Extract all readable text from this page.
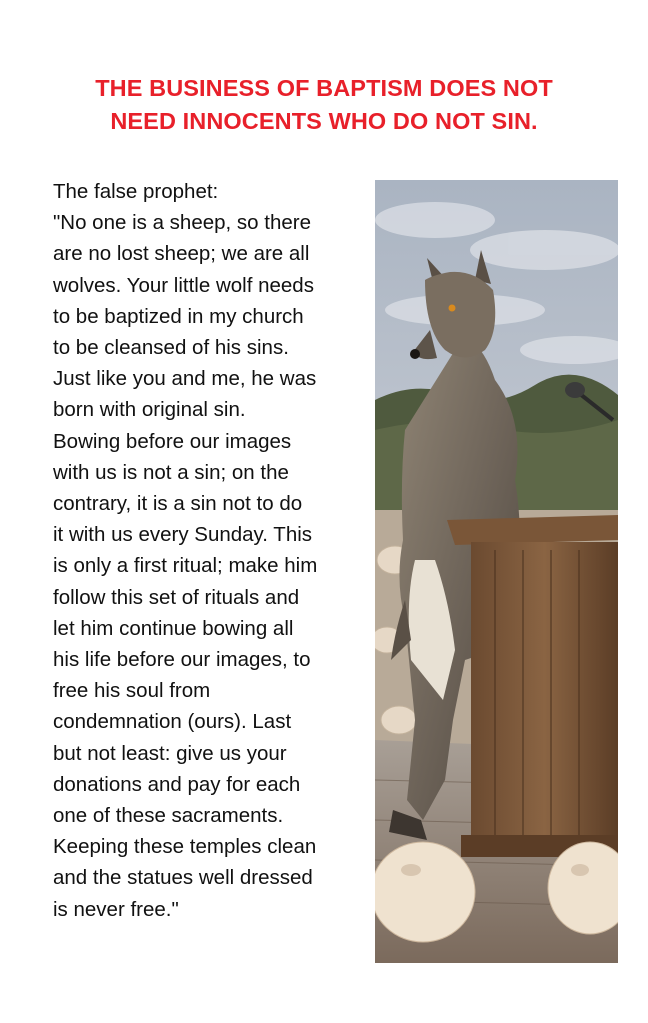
THE BUSINESS OF BAPTISM DOES NOT
NEED INNOCENTS WHO DO NOT SIN.
The false prophet:
"No one is a sheep, so there
are no lost sheep; we are all
wolves. Your little wolf needs
to be baptized in my church
to be cleansed of his sins.
Just like you and me, he was
born with original sin.
Bowing before our images
with us is not a sin; on the
contrary, it is a sin not to do
it with us every Sunday. This
is only a first ritual; make him
follow this set of rituals and
let him continue bowing all
his life before our images, to
free his soul from
condemnation (ours). Last
but not least: give us your
donations and pay for each
one of these sacraments.
Keeping these temples clean
and the statues well dressed
is never free."
